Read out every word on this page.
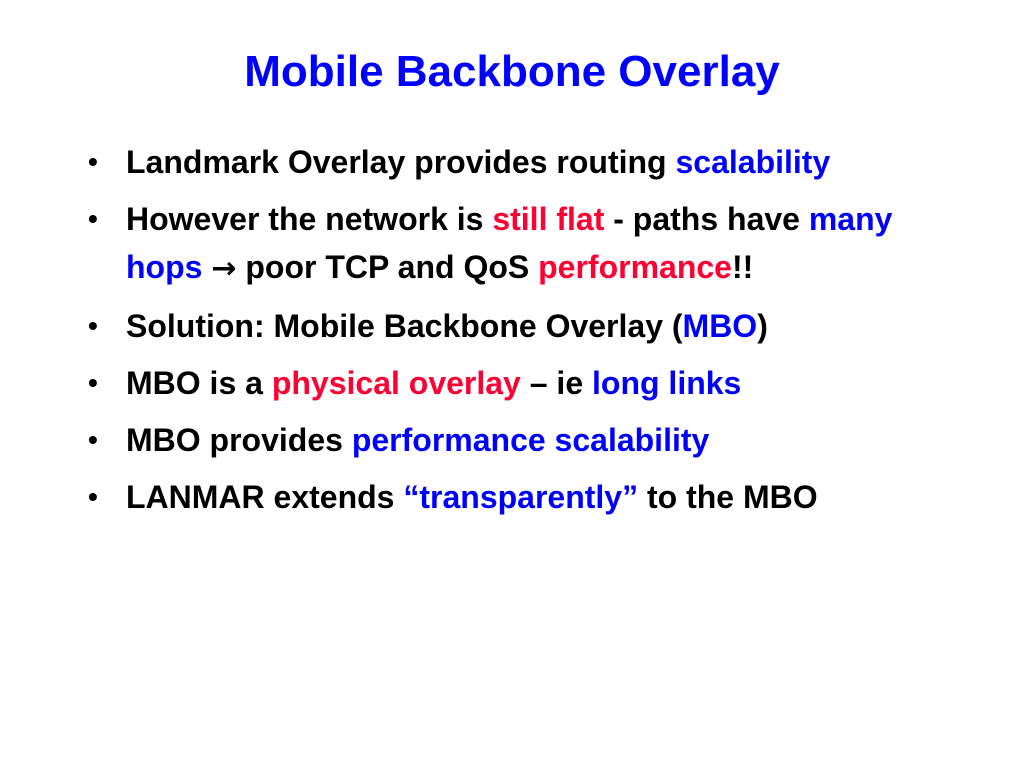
Mobile Backbone Overlay
• Landmark Overlay provides routing scalability
• However the network is still flat - paths have many hops → poor TCP and QoS performance!!
• Solution: Mobile Backbone Overlay (MBO)
• MBO is a physical overlay – ie long links
• MBO provides performance scalability
• LANMAR extends “transparently” to the MBO
